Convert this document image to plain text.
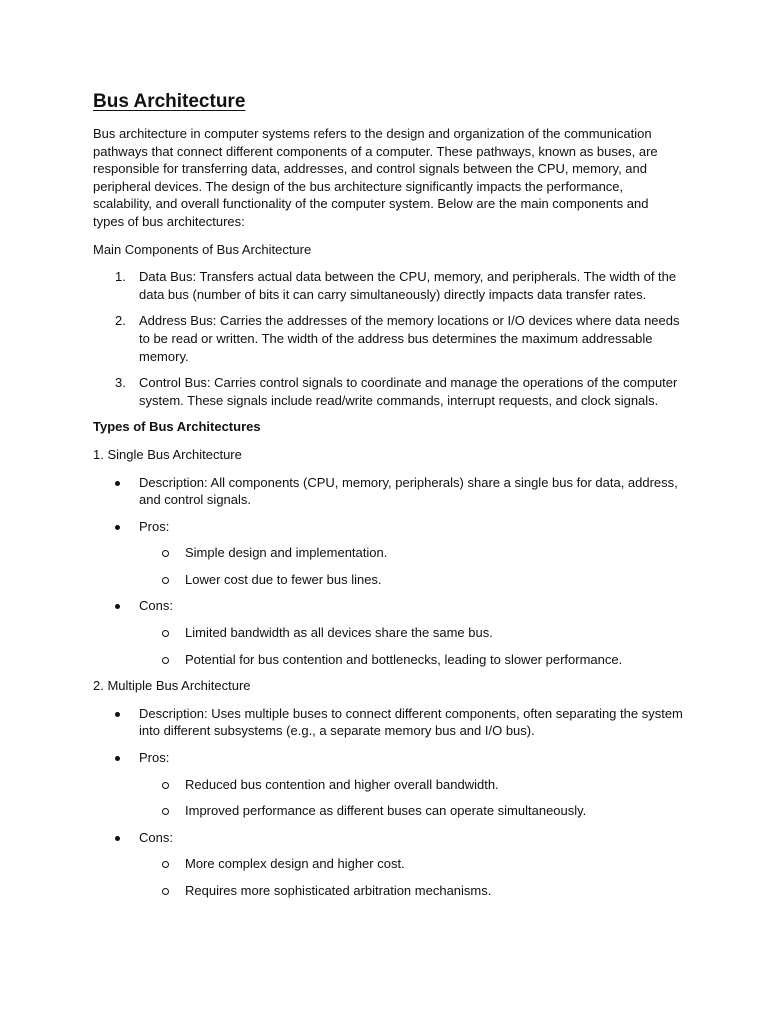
Bus Architecture

Bus architecture in computer systems refers to the design and organization of the communication pathways that connect different components of a computer. These pathways, known as buses, are responsible for transferring data, addresses, and control signals between the CPU, memory, and peripheral devices. The design of the bus architecture significantly impacts the performance, scalability, and overall functionality of the computer system. Below are the main components and types of bus architectures:

Main Components of Bus Architecture

1. Data Bus: Transfers actual data between the CPU, memory, and peripherals. The width of the data bus (number of bits it can carry simultaneously) directly impacts data transfer rates.
2. Address Bus: Carries the addresses of the memory locations or I/O devices where data needs to be read or written. The width of the address bus determines the maximum addressable memory.
3. Control Bus: Carries control signals to coordinate and manage the operations of the computer system. These signals include read/write commands, interrupt requests, and clock signals.

Types of Bus Architectures

1. Single Bus Architecture

Description: All components (CPU, memory, peripherals) share a single bus for data, address, and control signals.
Pros:
Simple design and implementation.
Lower cost due to fewer bus lines.
Cons:
Limited bandwidth as all devices share the same bus.
Potential for bus contention and bottlenecks, leading to slower performance.

2. Multiple Bus Architecture

Description: Uses multiple buses to connect different components, often separating the system into different subsystems (e.g., a separate memory bus and I/O bus).
Pros:
Reduced bus contention and higher overall bandwidth.
Improved performance as different buses can operate simultaneously.
Cons:
More complex design and higher cost.
Requires more sophisticated arbitration mechanisms.
